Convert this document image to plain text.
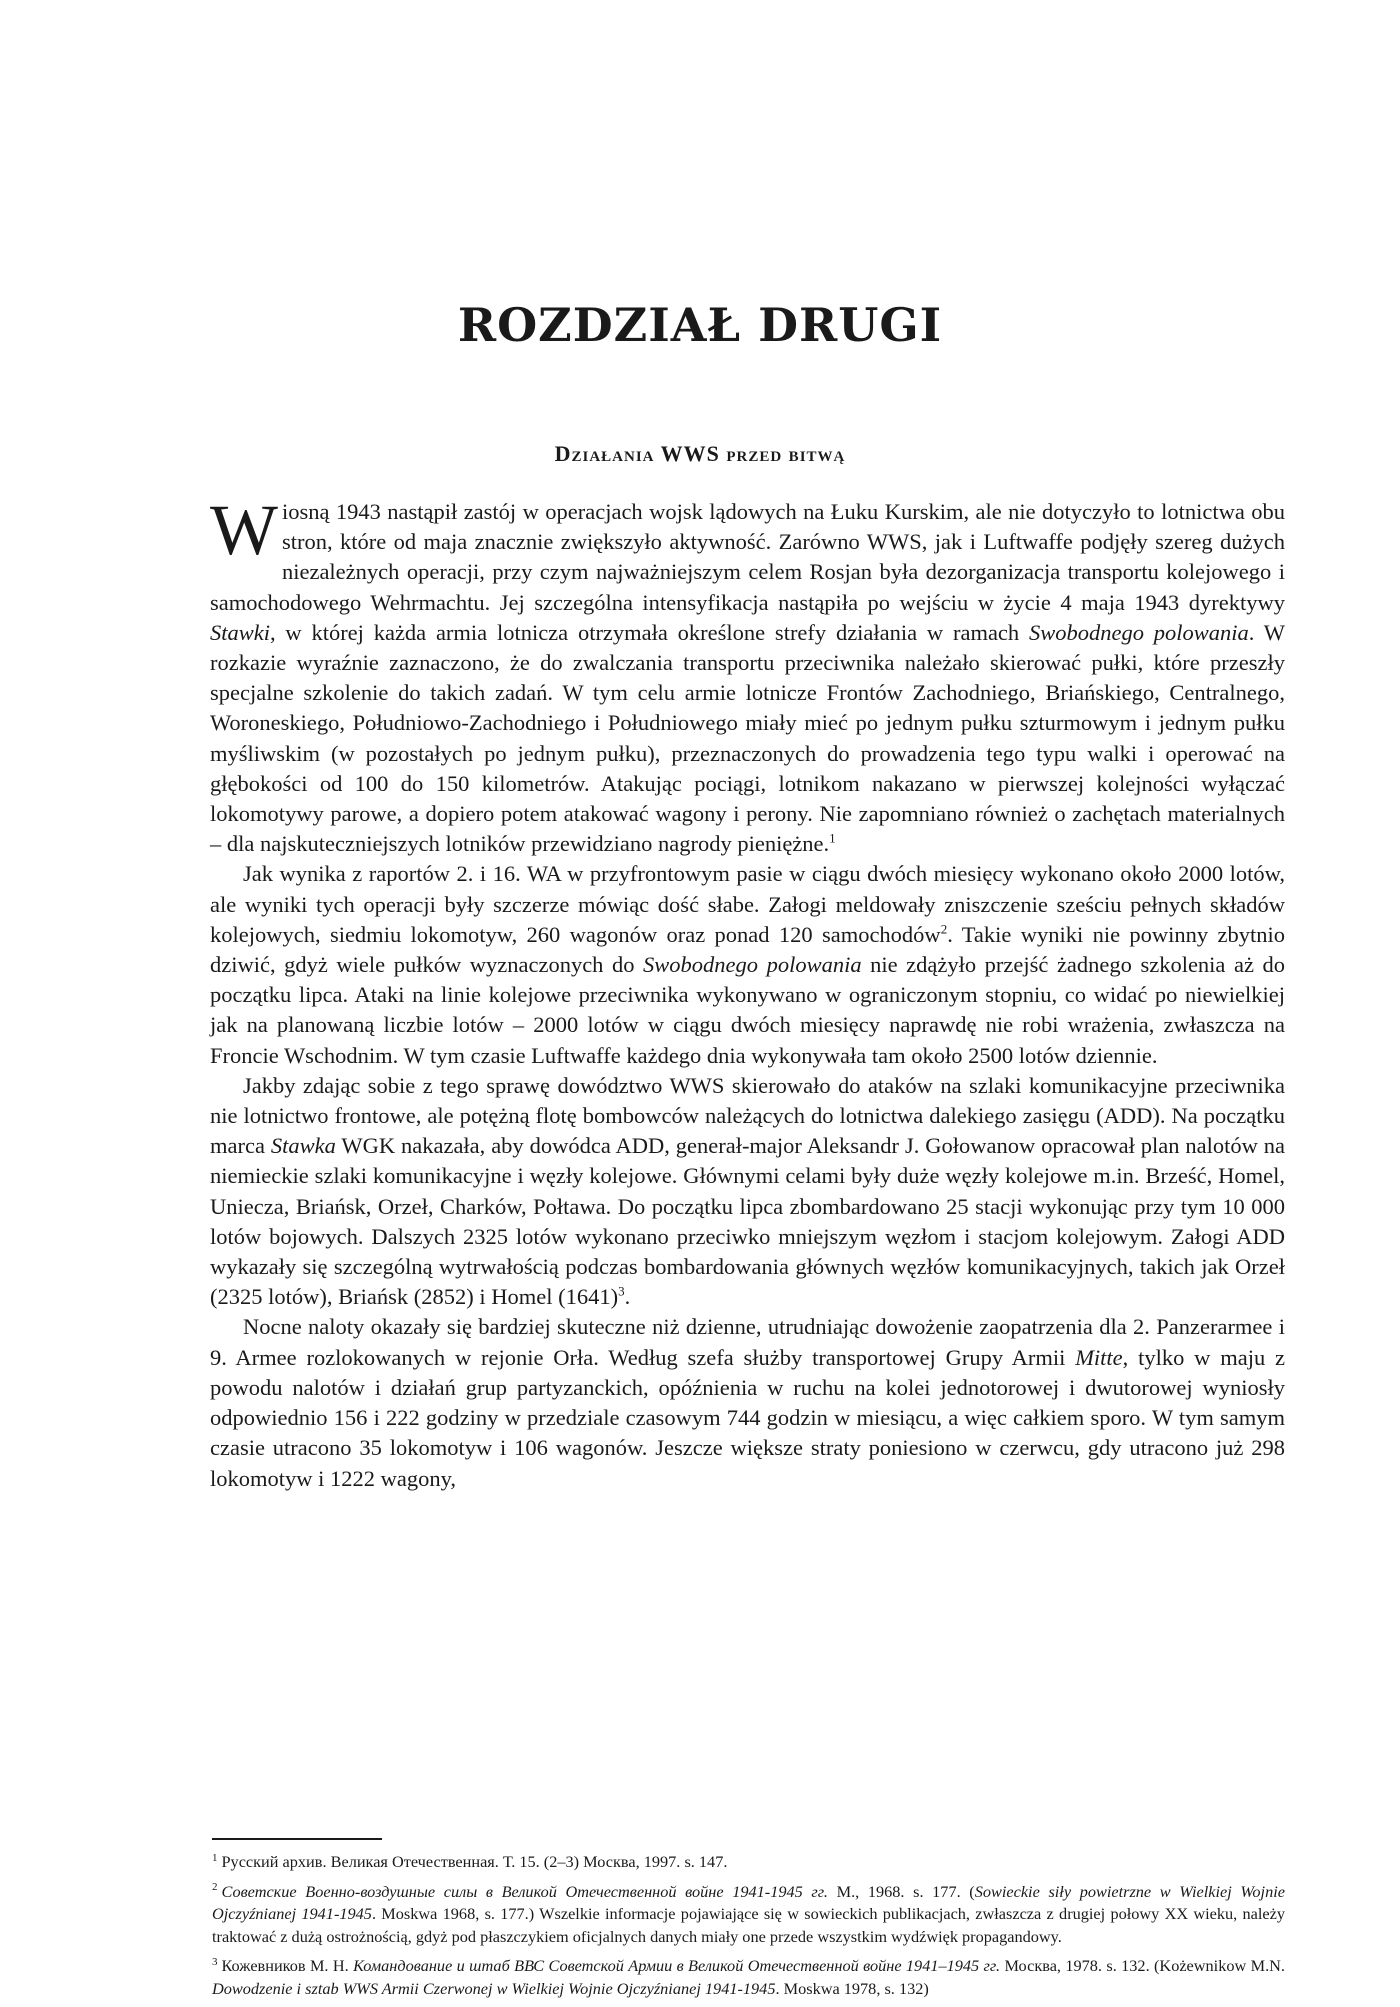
ROZDZIAŁ DRUGI
Działania WWS przed bitwą

Wiosną 1943 nastąpił zastój w operacjach wojsk lądowych na Łuku Kurskim, ale nie dotyczyło to lotnictwa obu stron, które od maja znacznie zwiększyło aktywność. Zarówno WWS, jak i Luftwaffe podjęły szereg dużych niezależnych operacji, przy czym najważniejszym celem Rosjan była dezorganizacja transportu kolejowego i samochodowego Wehrmachtu. Jej szczególna intensyfikacja nastąpiła po wejściu w życie 4 maja 1943 dyrektywy Stawki, w której każda armia lotnicza otrzymała określone strefy działania w ramach Swobodnego polowania. W rozkazie wyraźnie zaznaczono, że do zwalczania transportu przeciwnika należało skierować pułki, które przeszły specjalne szkolenie do takich zadań. W tym celu armie lotnicze Frontów Zachodniego, Briańskiego, Centralnego, Woroneskiego, Południowo-Zachodniego i Południowego miały mieć po jednym pułku szturmowym i jednym pułku myśliwskim (w pozostałych po jednym pułku), przeznaczonych do prowadzenia tego typu walki i operować na głębokości od 100 do 150 kilometrów. Atakując pociągi, lotnikom nakazano w pierwszej kolejności wyłączać lokomotywy parowe, a dopiero potem atakować wagony i perony. Nie zapomniano również o zachętach materialnych – dla najskuteczniejszych lotników przewidziano nagrody pieniężne.$^1$

Jak wynika z raportów 2. i 16. WA w przyfrontowym pasie w ciągu dwóch miesięcy wykonano około 2000 lotów, ale wyniki tych operacji były szczerze mówiąc dość słabe. Załogi meldowały zniszczenie sześciu pełnych składów kolejowych, siedmiu lokomotyw, 260 wagonów oraz ponad 120 samochodów$^2$. Takie wyniki nie powinny zbytnio dziwić, gdyż wiele pułków wyznaczonych do Swobodnego polowania nie zdążyło przejść żadnego szkolenia aż do początku lipca. Ataki na linie kolejowe przeciwnika wykonywano w ograniczonym stopniu, co widać po niewielkiej jak na planowaną liczbie lotów – 2000 lotów w ciągu dwóch miesięcy naprawdę nie robi wrażenia, zwłaszcza na Froncie Wschodnim. W tym czasie Luftwaffe każdego dnia wykonywała tam około 2500 lotów dziennie.

Jakby zdając sobie z tego sprawę dowództwo WWS skierowało do ataków na szlaki komunikacyjne przeciwnika nie lotnictwo frontowe, ale potężną flotę bombowców należących do lotnictwa dalekiego zasięgu (ADD). Na początku marca Stawka WGK nakazała, aby dowódca ADD, generał-major Aleksandr J. Gołowanow opracował plan nalotów na niemieckie szlaki komunikacyjne i węzły kolejowe. Głównymi celami były duże węzły kolejowe m.in. Brześć, Homel, Uniecza, Briańsk, Orzeł, Charków, Połtawa. Do początku lipca zbombardowano 25 stacji wykonując przy tym 10 000 lotów bojowych. Dalszych 2325 lotów wykonano przeciwko mniejszym węzłom i stacjom kolejowym. Załogi ADD wykazały się szczególną wytrwałością podczas bombardowania głównych węzłów komunikacyjnych, takich jak Orzeł (2325 lotów), Briańsk (2852) i Homel $(1641)^3$.

Nocne naloty okazały się bardziej skuteczne niż dzienne, utrudniając dowożenie zaopatrzenia dla 2. Panzerarmee i 9. Armee rozlokowanych w rejonie Orła. Według szefa służby transportowej Grupy Armii Mitte, tylko w maju z powodu nalotów i działań grup partyzanckich, opóźnienia w ruchu na kolei jednotorowej i dwutorowej wyniosły odpowiednio 156 i 222 godziny w przedziale czasowym 744 godzin w miesiącu, a więc całkiem sporo. W tym samym czasie utracono 35 lokomotyw i 106 wagonów. Jeszcze większe straty poniesiono w czerwcu, gdy utracono już 298 lokomotyw i 1222 wagony,

$^1$ Русский архив. Великая Отечественная. Т. 15. (2–3) Москва, 1997. s. 147.

$^2$ Советские Военно-воздушные силы в Великой Отечественной войне 1941-1945 гг. М., 1968. s. 177. (Sowieckie siły powietrzne w Wielkiej Wojnie Ojczyźnianej 1941-1945. Moskwa 1968, s. 177.) Wszelkie informacje pojawiające się w sowieckich publikacjach, zwłaszcza z drugiej połowy XX wieku, należy traktować z dużą ostrożnością, gdyż pod płaszczykiem oficjalnych danych miały one przede wszystkim wydźwięk propagandowy.

$^3$ Кожевников М. Н. Командование и штаб ВВС Советской Армии в Великой Отечественной войне 1941–1945 гг. Москва, 1978. s. 132. (Kożewnikow M.N. Dowodzenie i sztab WWS Armii Czerwonej w Wielkiej Wojnie Ojczyźnianej 1941-1945. Moskwa 1978, s. 132)
